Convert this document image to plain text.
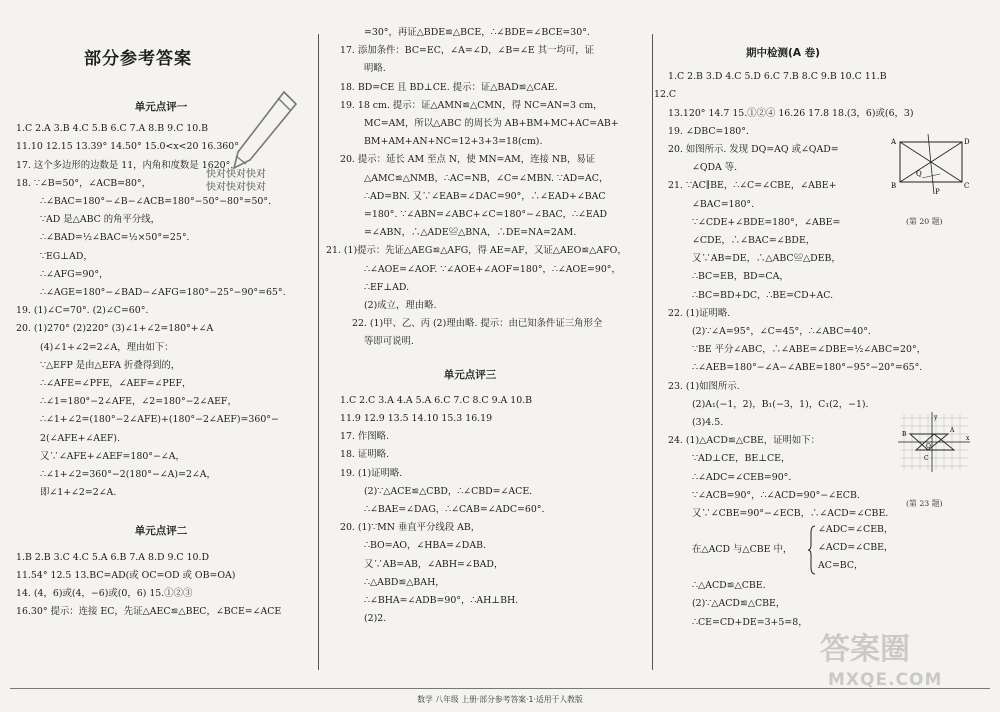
部分参考答案

快对快对快对

快对快对快对

单元点评一

1.C 2.A 3.B 4.C 5.B 6.C 7.A 8.B 9.C 10.B

11.10 12.15 13.39° 14.50° 15.0<x<20 16.360°

17. 这个多边形的边数是 11，内角和度数是 1620°.

18. ∵∠B=50°，∠ACB=80°，

∴∠BAC=180°−∠B−∠ACB=180°−50°−80°=50°.

∵AD 是△ABC 的角平分线，

∴∠BAD=½∠BAC=½×50°=25°.

∵EG⊥AD，

∴∠AFG=90°，

∴∠AGE=180°−∠BAD−∠AFG=180°−25°−90°=65°.

19. (1)∠C=70°. (2)∠C=60°.

20. (1)270° (2)220° (3)∠1+∠2=180°+∠A

(4)∠1+∠2=2∠A，理由如下：

∵△EFP 是由△EFA 折叠得到的，

∴∠AFE=∠PFE，∠AEF=∠PEF，

∴∠1=180°−2∠AFE，∠2=180°−2∠AEF，

∴∠1+∠2=(180°−2∠AFE)+(180°−2∠AEF)=360°−

2(∠AFE+∠AEF).

又∵∠AFE+∠AEF=180°−∠A，

∴∠1+∠2=360°−2(180°−∠A)=2∠A，

即∠1+∠2=2∠A.

单元点评二

1.B 2.B 3.C 4.C 5.A 6.B 7.A 8.D 9.C 10.D

11.54° 12.5 13.BC=AD(或 OC=OD 或 OB=OA)

14. (4，6)或(4，−6)或(0，6) 15.①②③

16.30° 提示：连接 EC，先证△AEC≌△BEC，∠BCE=∠ACE

=30°，再证△BDE≌△BCE，∴∠BDE=∠BCE=30°.

17. 添加条件：BC=EC，∠A=∠D，∠B=∠E 其一均可，证

明略.

18. BD=CE 且 BD⊥CE. 提示：证△BAD≌△CAE.

19. 18 cm. 提示：证△AMN≌△CMN，得 NC=AN=3 cm，

MC=AM，所以△ABC 的周长为 AB+BM+MC+AC=AB+

BM+AM+AN+NC=12+3+3=18(cm).

20. 提示：延长 AM 至点 N，使 MN=AM，连接 NB，易证

△AMC≌△NMB，∴AC=NB，∠C=∠MBN. ∵AD=AC，

∴AD=BN. 又∵∠EAB=∠DAC=90°，∴∠EAD+∠BAC

=180°. ∵∠ABN=∠ABC+∠C=180°−∠BAC，∴∠EAD

=∠ABN，∴△ADE≌△BNA，∴DE=NA=2AM.

21. (1)提示：先证△AEG≌△AFG，得 AE=AF，又证△AEO≌△AFO，

∴∠AOE=∠AOF. ∵∠AOE+∠AOF=180°，∴∠AOE=90°，

∴EF⊥AD.

(2)成立，理由略.

22. (1)甲、乙、丙 (2)理由略. 提示：由已知条件证三角形全

等即可说明.

单元点评三

1.C 2.C 3.A 4.A 5.A 6.C 7.C 8.C 9.A 10.B

11.9 12.9 13.5 14.10 15.3 16.19

17. 作图略.

18. 证明略.

19. (1)证明略.

(2)∵△ACE≌△CBD，∴∠CBD=∠ACE.

∴∠BAE=∠DAG，∴∠CAB=∠ADC=60°.

20. (1)∵MN 垂直平分线段 AB，

∴BO=AO，∠HBA=∠DAB.

又∵AB=AB，∠ABH=∠BAD，

∴△ABD≌△BAH，

∴∠BHA=∠ADB=90°，∴AH⊥BH.

(2)2.

期中检测(A 卷)

1.C 2.B 3.D 4.C 5.D 6.C 7.B 8.C 9.B 10.C 11.B

12.C

13.120° 14.7 15.①②④ 16.26 17.8 18.(3，6)或(6，3)

19. ∠DBC=180°.

20. 如图所示. 发现 DQ=AQ 或∠QAD=

∠QDA 等.

21. ∵AC∥BE，∴∠C=∠CBE，∠ABE+

∠BAC=180°.

∵∠CDE+∠BDE=180°，∠ABE=

∠CDE，∴∠BAC=∠BDE，

又∵AB=DE，∴△ABC≌△DEB，

∴BC=EB，BD=CA，

∴BC=BD+DC，∴BE=CD+AC.

22. (1)证明略.

(2)∵∠A=95°，∠C=45°，∴∠ABC=40°.

∵BE 平分∠ABC，∴∠ABE=∠DBE=½∠ABC=20°，

∴∠AEB=180°−∠A−∠ABE=180°−95°−20°=65°.

23. (1)如图所示.

(2)A₁(−1，2)，B₁(−3，1)，C₁(2，−1).

(3)4.5.

24. (1)△ACD≌△CBE，证明如下：

∵AD⊥CE，BE⊥CE，

∴∠ADC=∠CEB=90°.

∵∠ACB=90°，∴∠ACD=90°−∠ECB.

又∵∠CBE=90°−∠ECB，∴∠ACD=∠CBE.

在△ACD 与△CBE 中，

∠ADC=∠CEB，

∠ACD=∠CBE，

AC=BC，

∴△ACD≌△CBE.

(2)∵△ACD≌△CBE，

∴CE=CD+DE=3+5=8，

A	D
B	C
Q
P
(第 20 题)
y
x
O
A
B
C
(第 23 题)
答案圈
MXQE.COM
数学 八年级 上册·部分参考答案·1·适用于人教版
